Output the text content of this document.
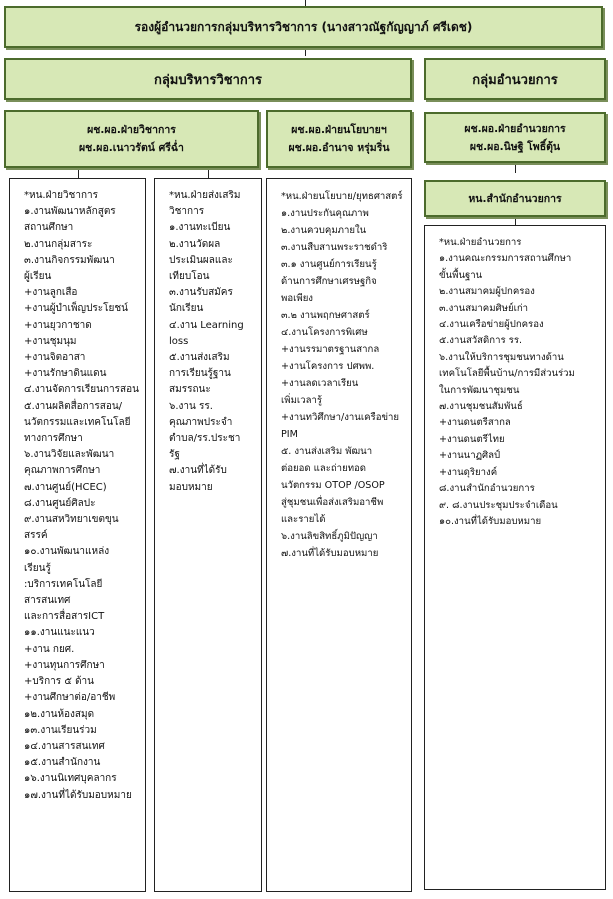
รองผู้อำนวยการกลุ่มบริหารวิชาการ (นางสาวณัฐกัญญาภ์ ศรีเดช)
กลุ่มบริหารวิชาการ	กลุ่มอำนวยการ
ผช.ผอ.ฝ่ายวิชาการ
ผช.ผอ.เนาวรัตน์ ศรีฉ่ำ
ผช.ผอ.ฝ่ายนโยบายฯ
ผช.ผอ.อำนาจ หรุ่มริ่น
ผช.ผอ.ฝ่ายอำนวยการ
ผช.ผอ.นิษฐิ โพธิ์ตุ้น
หน.สำนักอำนวยการ
*หน.ฝ่ายวิชาการ
๑.งานพัฒนาหลักสูตร
สถานศึกษา
๒.งานกลุ่มสาระ
๓.งานกิจกรรมพัฒนา
ผู้เรียน
+งานลูกเสือ
+งานผู้บำเพ็ญประโยชน์
+งานยุวกาชาด
+งานชุมนุม
+งานจิตอาสา
+งานรักษาดินแดน
๔.งานจัดการเรียนการสอน
๕.งานผลิตสื่อการสอน/
นวัตกรรมและเทคโนโลยี
ทางการศึกษา
๖.งานวิจัยและพัฒนา
คุณภาพการศึกษา
๗.งานศูนย์(HCEC)
๘.งานศูนย์ศิลปะ
๙.งานสหวิทยาเขตขุน
สรรค์
๑๐.งานพัฒนาแหล่ง
เรียนรู้
:บริการเทคโนโลยีสารสนเทศ
และการสื่อสารICT
๑๑.งานแนะแนว
+งาน กยศ.
+งานทุนการศึกษา
+บริการ ๕ ด้าน
+งานศึกษาต่อ/อาชีพ
๑๒.งานห้องสมุด
๑๓.งานเรียนร่วม
๑๔.งานสารสนเทศ
๑๕.งานสำนักงาน
๑๖.งานนิเทศบุคลากร
๑๗.งานที่ได้รับมอบหมาย
*หน.ฝ่ายส่งเสริม
วิชาการ
๑.งานทะเบียน
๒.งานวัดผล
ประเมินผลและ
เทียบโอน
๓.งานรับสมัคร
นักเรียน
๔.งาน Learning
loss
๕.งานส่งเสริม
การเรียนรู้ฐาน
สมรรถนะ
๖.งาน รร.
คุณภาพประจำ
ตำบล/รร.ประชา
รัฐ
๗.งานที่ได้รับ
มอบหมาย
*หน.ฝ่ายนโยบาย/ยุทธศาสตร์
๑.งานประกันคุณภาพ
๒.งานควบคุมภายใน
๓.งานสืบสานพระราชดำริ
๓.๑ งานศูนย์การเรียนรู้
ด้านการศึกษาเศรษฐกิจ
พอเพียง
๓.๒ งานพฤกษศาสตร์
๔.งานโครงการพิเศษ
+งานรรมาตรฐานสากล
+งานโครงการ ปศพพ.
+งานลดเวลาเรียน
เพิ่มเวลารู้
+งานทวิศึกษา/งานเครือข่าย
PIM
๕. งานส่งเสริม พัฒนา
ต่อยอด และถ่ายทอด
นวัตกรรม OTOP /OSOP
สู่ชุมชนเพื่อส่งเสริมอาชีพ
และรายได้
๖.งานลิขสิทธิ์ภูมิปัญญา
๗.งานที่ได้รับมอบหมาย
*หน.ฝ่ายอำนวยการ
๑.งานคณะกรรมการสถานศึกษา
ขั้นพื้นฐาน
๒.งานสมาคมผู้ปกครอง
๓.งานสมาคมศิษย์เก่า
๔.งานเครือข่ายผู้ปกครอง
๕.งานสวัสดิการ รร.
๖.งานให้บริการชุมชนทางด้าน
เทคโนโลยีพื้นบ้าน/การมีส่วนร่วม
ในการพัฒนาชุมชน
๗.งานชุมชนสัมพันธ์
+งานดนตรีสากล
+งานดนตรีไทย
+งานนาฏศิลป์
+งานดุริยางค์
๘.งานสำนักอำนวยการ
๙. ๘.งานประชุมประจำเดือน
๑๐.งานที่ได้รับมอบหมาย
